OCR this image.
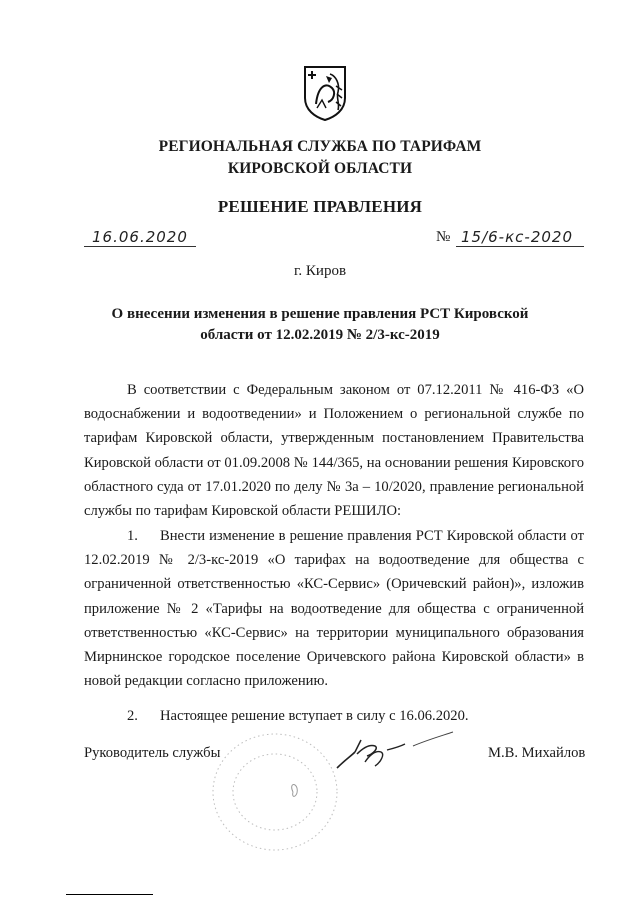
РЕГИОНАЛЬНАЯ СЛУЖБА ПО ТАРИФАМ
КИРОВСКОЙ ОБЛАСТИ
РЕШЕНИЕ ПРАВЛЕНИЯ
16.06.2020	№ 15/6-кс-2020
г. Киров
О внесении изменения в решение правления РСТ Кировской
области от 12.02.2019 № 2/3-кс-2019
В соответствии с Федеральным законом от 07.12.2011 № 416-ФЗ «О
водоснабжении и водоотведении» и Положением о региональной службе по
тарифам Кировской области, утвержденным постановлением Правительства
Кировской области от 01.09.2008 № 144/365, на основании решения Кировского
областного суда от 17.01.2020 по делу № 3а – 10/2020, правление региональной
службы по тарифам Кировской области РЕШИЛО:
1.	Внести изменение в решение правления РСТ Кировской области от
12.02.2019 № 2/3-кс-2019 «О тарифах на водоотведение для общества с
ограниченной ответственностью «КС-Сервис» (Оричевский район)», изложив
приложение № 2 «Тарифы на водоотведение для общества с ограниченной
ответственностью «КС-Сервис» на территории муниципального образования
Мирнинское городское поселение Оричевского района Кировской области» в
новой редакции согласно приложению.
2. Настоящее решение вступает в силу с 16.06.2020.
Руководитель службы	М.В. Михайлов
